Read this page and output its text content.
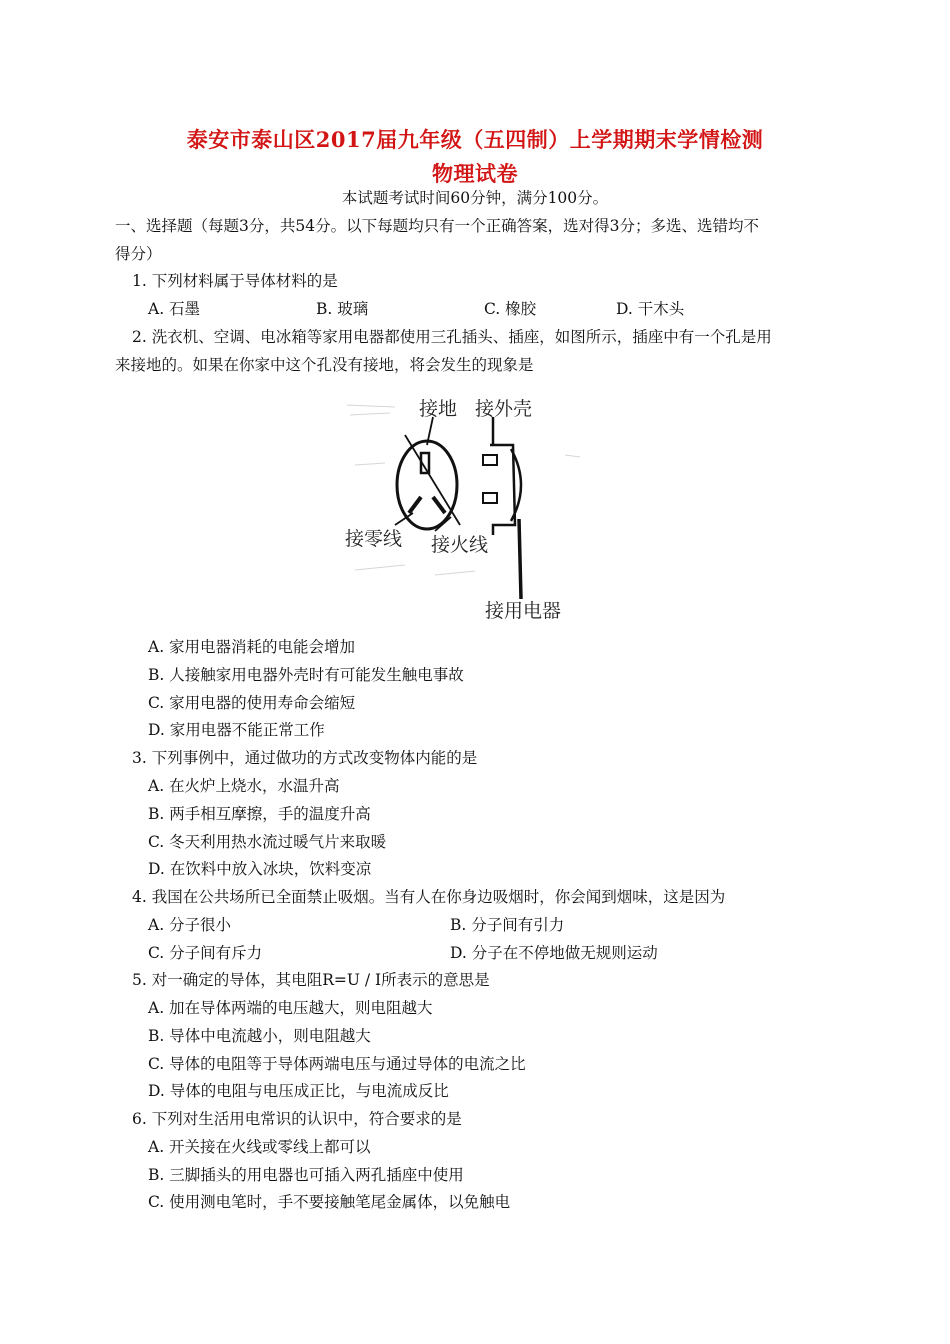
泰安市泰山区2017届九年级（五四制）上学期期末学情检测
物理试卷
本试题考试时间60分钟，满分100分。
一、选择题（每题3分，共54分。以下每题均只有一个正确答案，选对得3分；多选、选错均不
得分）
1. 下列材料属于导体材料的是
A. 石墨	B. 玻璃	C. 橡胶	D. 干木头
2. 洗衣机、空调、电冰箱等家用电器都使用三孔插头、插座，如图所示，插座中有一个孔是用
来接地的。如果在你家中这个孔没有接地，将会发生的现象是
接地 接外壳
接零线 接火线
接用电器
A. 家用电器消耗的电能会增加
B. 人接触家用电器外壳时有可能发生触电事故
C. 家用电器的使用寿命会缩短
D. 家用电器不能正常工作
3. 下列事例中，通过做功的方式改变物体内能的是
A. 在火炉上烧水，水温升高
B. 两手相互摩擦，手的温度升高
C. 冬天利用热水流过暖气片来取暖
D. 在饮料中放入冰块，饮料变凉
4. 我国在公共场所已全面禁止吸烟。当有人在你身边吸烟时，你会闻到烟味，这是因为
A. 分子很小	B. 分子间有引力
C. 分子间有斥力	D. 分子在不停地做无规则运动
5. 对一确定的导体，其电阻R=U / I所表示的意思是
A. 加在导体两端的电压越大，则电阻越大
B. 导体中电流越小，则电阻越大
C. 导体的电阻等于导体两端电压与通过导体的电流之比
D. 导体的电阻与电压成正比，与电流成反比
6. 下列对生活用电常识的认识中，符合要求的是
A. 开关接在火线或零线上都可以
B. 三脚插头的用电器也可插入两孔插座中使用
C. 使用测电笔时，手不要接触笔尾金属体，以免触电
